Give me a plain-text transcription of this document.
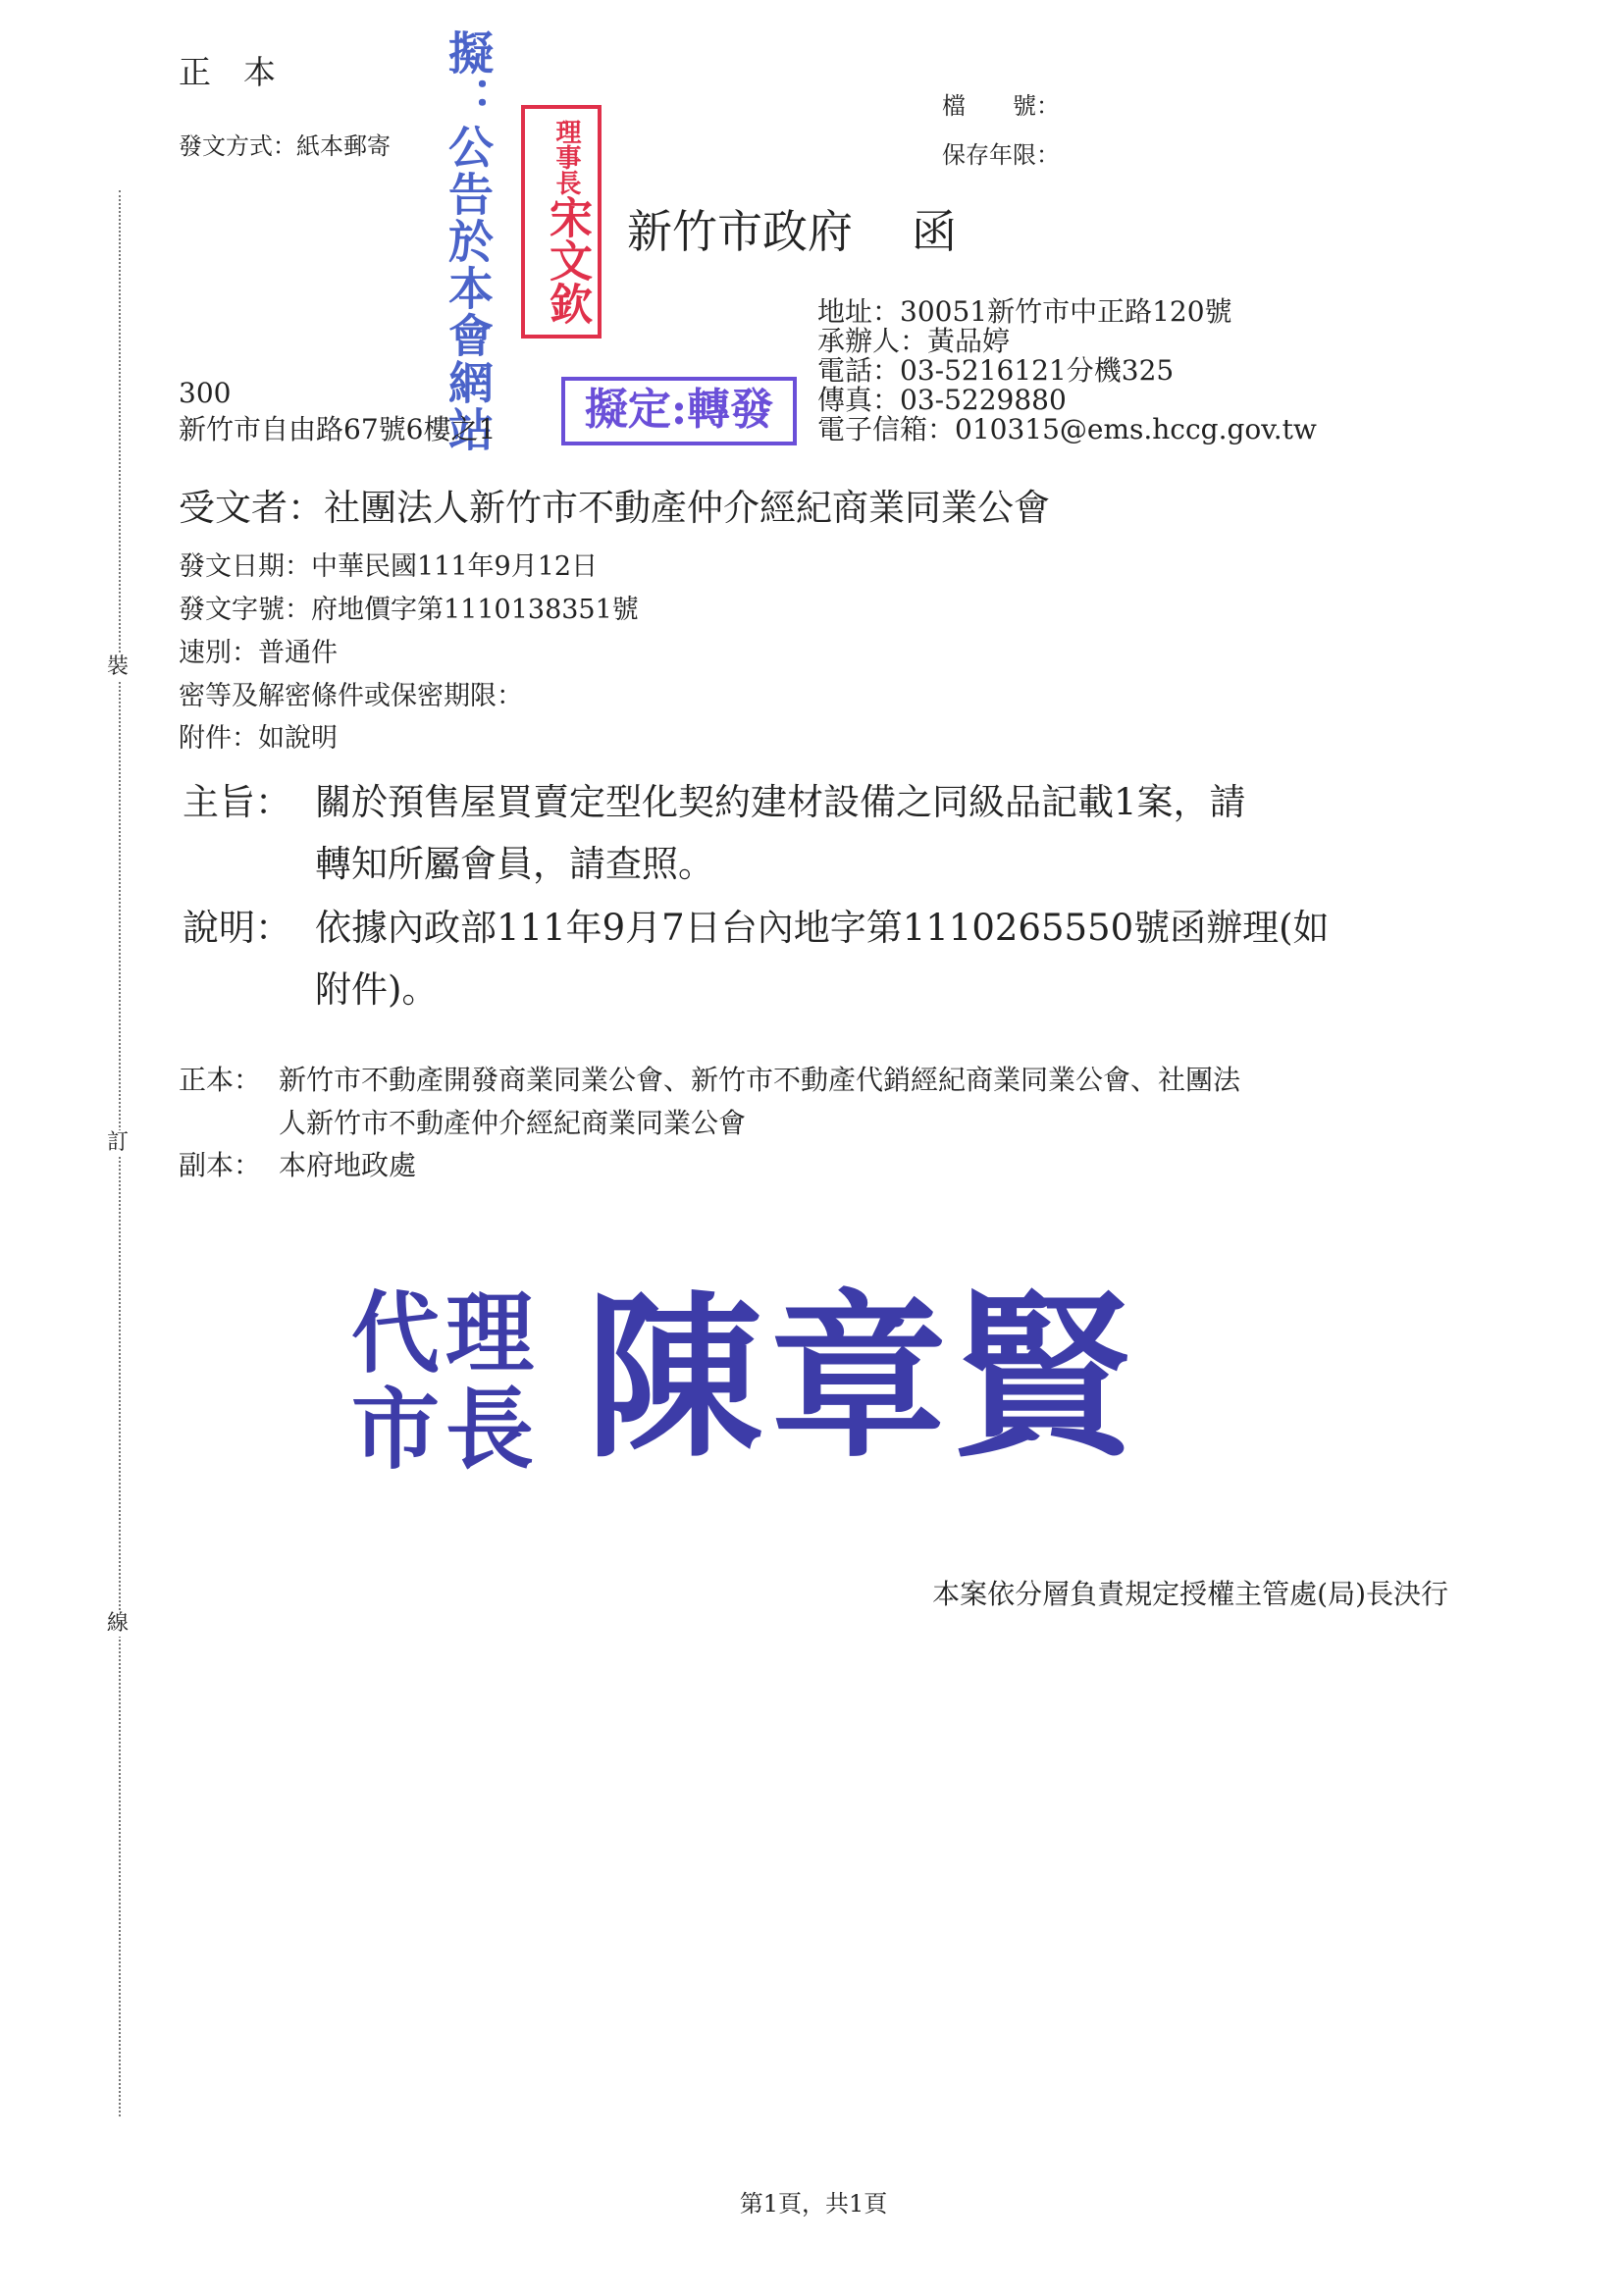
裝
訂
線
正　本
發文方式：紙本郵寄
檔　　號：
保存年限：
擬：公告於本會網站	理事長宋文欽 新竹市政府 函
地址：30051新竹市中正路120號
承辦人：黃品婷
電話：03-5216121分機325
傳真：03-5229880
電子信箱：010315@ems.hccg.gov.tw
300
新竹市自由路67號6樓之1	擬定:轉發
受文者：社團法人新竹市不動產仲介經紀商業同業公會
發文日期：中華民國111年9月12日
發文字號：府地價字第1110138351號
速別：普通件
密等及解密條件或保密期限：
附件：如說明
主旨： 關於預售屋買賣定型化契約建材設備之同級品記載1案，請
轉知所屬會員，請查照。
說明： 依據內政部111年9月7日台內地字第1110265550號函辦理(如
附件)。
正本： 新竹市不動產開發商業同業公會、新竹市不動產代銷經紀商業同業公會、社團法
人新竹市不動產仲介經紀商業同業公會
副本： 本府地政處
代理市長 陳章賢
本案依分層負責規定授權主管處(局)長決行
第1頁，共1頁
